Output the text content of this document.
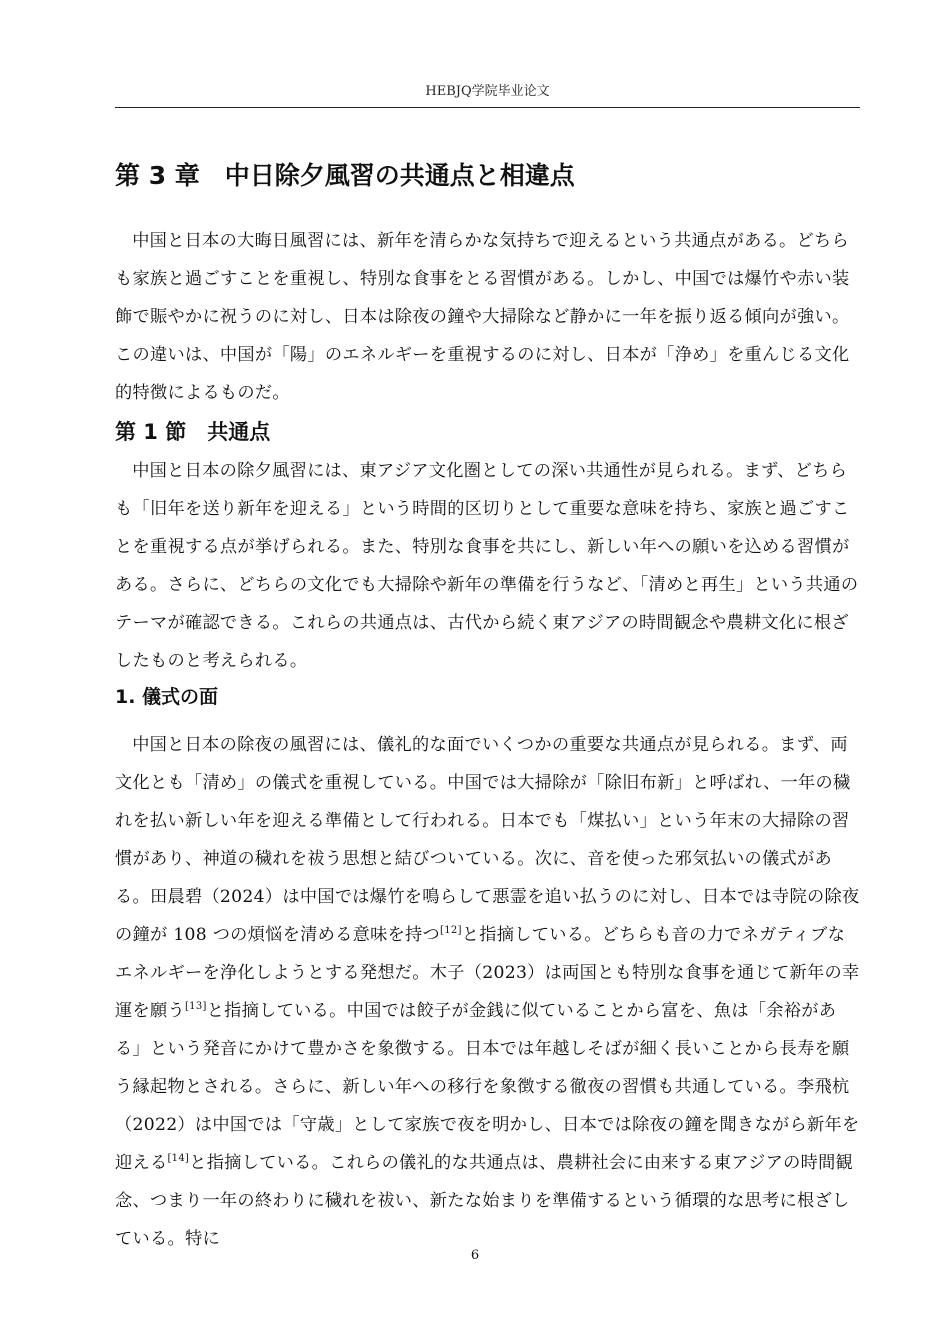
HEBJQ学院毕业论文
第 3 章　中日除夕風習の共通点と相違点

中国と日本の大晦日風習には、新年を清らかな気持ちで迎えるという共通点がある。どちらも家族と過ごすことを重視し、特別な食事をとる習慣がある。しかし、中国では爆竹や赤い装飾で賑やかに祝うのに対し、日本は除夜の鐘や大掃除など静かに一年を振り返る傾向が強い。この違いは、中国が「陽」のエネルギーを重視するのに対し、日本が「浄め」を重んじる文化的特徴によるものだ。

第 1 節　共通点

中国と日本の除夕風習には、東アジア文化圏としての深い共通性が見られる。まず、どちらも「旧年を送り新年を迎える」という時間的区切りとして重要な意味を持ち、家族と過ごすことを重視する点が挙げられる。また、特別な食事を共にし、新しい年への願いを込める習慣がある。さらに、どちらの文化でも大掃除や新年の準備を行うなど、「清めと再生」という共通のテーマが確認できる。これらの共通点は、古代から続く東アジアの時間観念や農耕文化に根ざしたものと考えられる。

1. 儀式の面

中国と日本の除夜の風習には、儀礼的な面でいくつかの重要な共通点が見られる。まず、両文化とも「清め」の儀式を重視している。中国では大掃除が「除旧布新」と呼ばれ、一年の穢れを払い新しい年を迎える準備として行われる。日本でも「煤払い」という年末の大掃除の習慣があり、神道の穢れを祓う思想と結びついている。次に、音を使った邪気払いの儀式がある。田晨碧（2024）は中国では爆竹を鳴らして悪霊を追い払うのに対し、日本では寺院の除夜の鐘が 108 つの煩悩を清める意味を持つ[12]と指摘している。どちらも音の力でネガティブなエネルギーを浄化しようとする発想だ。木子（2023）は両国とも特別な食事を通じて新年の幸運を願う[13]と指摘している。中国では餃子が金銭に似ていることから富を、魚は「余裕がある」という発音にかけて豊かさを象徴する。日本では年越しそばが細く長いことから長寿を願う縁起物とされる。さらに、新しい年への移行を象徴する徹夜の習慣も共通している。李飛杭（2022）は中国では「守歳」として家族で夜を明かし、日本では除夜の鐘を聞きながら新年を迎える[14]と指摘している。これらの儀礼的な共通点は、農耕社会に由来する東アジアの時間観念、つまり一年の終わりに穢れを祓い、新たな始まりを準備するという循環的な思考に根ざしている。特に

6
